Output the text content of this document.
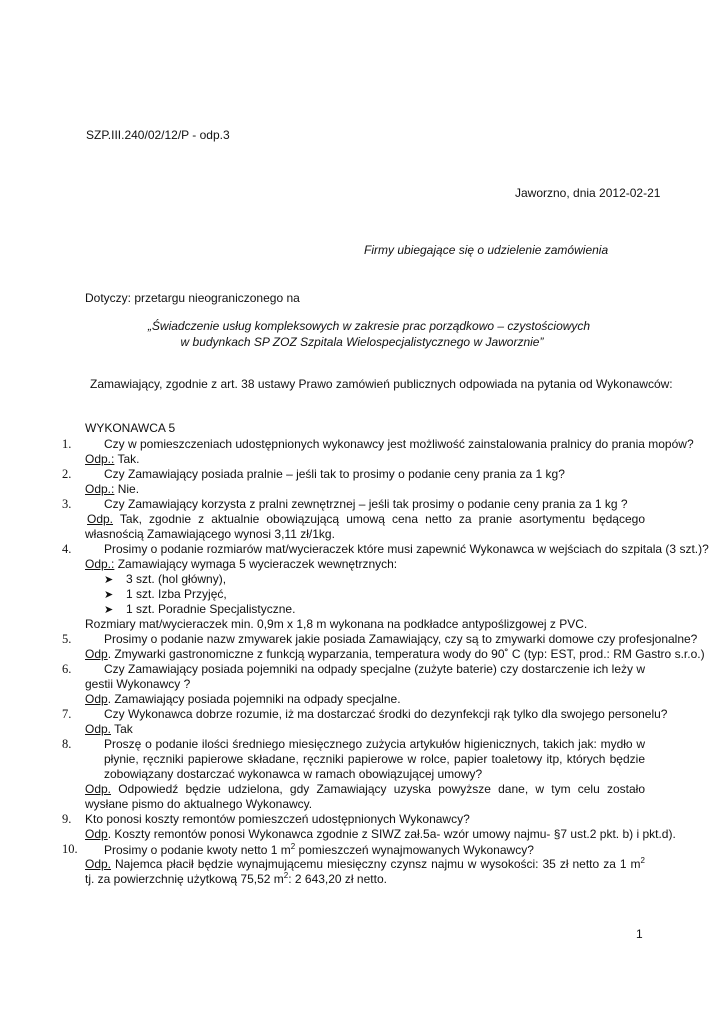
SZP.III.240/02/12/P - odp.3
Jaworzno, dnia 2012-02-21
Firmy ubiegające się o udzielenie zamówienia
Dotyczy: przetargu nieograniczonego na
„Świadczenie usług kompleksowych w zakresie prac porządkowo – czystościowych
w budynkach SP ZOZ Szpitala Wielospecjalistycznego w Jaworznie”
Zamawiający, zgodnie z art. 38 ustawy Prawo zamówień publicznych odpowiada na pytania od Wykonawców:
WYKONAWCA 5
1.	Czy w pomieszczeniach udostępnionych wykonawcy jest możliwość zainstalowania pralnicy do prania mopów?
Odp.: Tak.
2.	Czy Zamawiający posiada pralnie – jeśli tak to prosimy o podanie ceny prania za 1 kg?
Odp.: Nie.
3.	Czy Zamawiający korzysta z pralni zewnętrznej – jeśli tak prosimy o podanie ceny prania za 1 kg ?
Odp. Tak, zgodnie z aktualnie obowiązującą umową cena netto za pranie asortymentu będącego własnością Zamawiającego wynosi 3,11 zł/1kg.
4.	Prosimy o podanie rozmiarów mat/wycieraczek które musi zapewnić Wykonawca w wejściach do szpitala (3 szt.)?
Odp.: Zamawiający wymaga 5 wycieraczek wewnętrznych:
➤ 3 szt. (hol główny),
➤ 1 szt. Izba Przyjęć,
➤ 1 szt. Poradnie Specjalistyczne.
Rozmiary mat/wycieraczek min. 0,9m x 1,8 m wykonana na podkładce antypoślizgowej z PVC.
5.	Prosimy o podanie nazw zmywarek jakie posiada Zamawiający, czy są to zmywarki domowe czy profesjonalne?
Odp. Zmywarki gastronomiczne z funkcją wyparzania, temperatura wody do 90˚ C (typ: EST, prod.: RM Gastro s.r.o.)
6.	Czy Zamawiający posiada pojemniki na odpady specjalne (zużyte baterie) czy dostarczenie ich leży w gestii Wykonawcy ?
Odp. Zamawiający posiada pojemniki na odpady specjalne.
7.	Czy Wykonawca dobrze rozumie, iż ma dostarczać środki do dezynfekcji rąk tylko dla swojego personelu?
Odp. Tak
8.	Proszę o podanie ilości średniego miesięcznego zużycia artykułów higienicznych, takich jak: mydło w płynie, ręczniki papierowe składane, ręczniki papierowe w rolce, papier toaletowy itp, których będzie zobowiązany dostarczać wykonawca w ramach obowiązującej umowy?
Odp. Odpowiedź będzie udzielona, gdy Zamawiający uzyska powyższe dane, w tym celu zostało wysłane pismo do aktualnego Wykonawcy.
9. Kto ponosi koszty remontów pomieszczeń udostępnionych Wykonawcy?
Odp. Koszty remontów ponosi Wykonawca zgodnie z SIWZ zał.5a- wzór umowy najmu- §7 ust.2 pkt. b) i pkt.d).
10. Prosimy o podanie kwoty netto 1 $m^2$ pomieszczeń wynajmowanych Wykonawcy?
Odp. Najemca płacił będzie wynajmującemu miesięczny czynsz najmu w wysokości: 35 zł netto za 1 $m^2$ tj. za powierzchnię użytkową 75,52 $m^2$: 2 643,20 zł netto.
1
